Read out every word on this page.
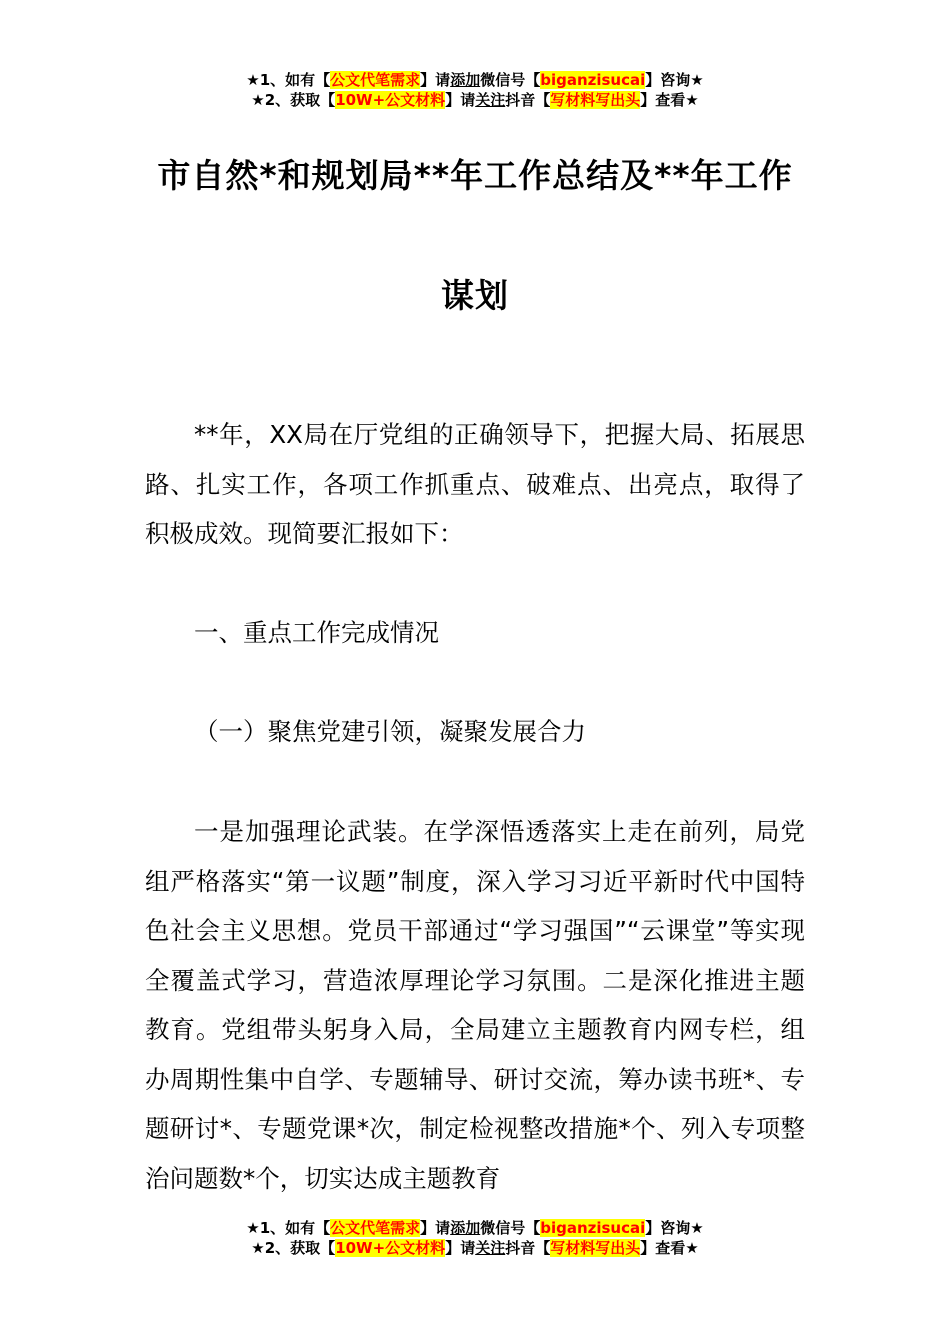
★1、如有【公文代笔需求】请添加微信号【biganzisucai】咨询★
★2、获取【10W+公文材料】请关注抖音【写材料写出头】查看★
市自然*和规划局**年工作总结及**年工作
谋划

**年，XX局在厅党组的正确领导下，把握大局、拓展思路、扎实工作，各项工作抓重点、破难点、出亮点，取得了积极成效。现简要汇报如下：

一、重点工作完成情况

（一）聚焦党建引领，凝聚发展合力

一是加强理论武装。在学深悟透落实上走在前列，局党组严格落实“第一议题”制度，深入学习习近平新时代中国特色社会主义思想。党员干部通过“学习强国”“云课堂”等实现全覆盖式学习，营造浓厚理论学习氛围。二是深化推进主题教育。党组带头躬身入局，全局建立主题教育内网专栏，组办周期性集中自学、专题辅导、研讨交流，筹办读书班*、专题研讨*、专题党课*次，制定检视整改措施*个、列入专项整治问题数*个，切实达成主题教育

★1、如有【公文代笔需求】请添加微信号【biganzisucai】咨询★
★2、获取【10W+公文材料】请关注抖音【写材料写出头】查看★
